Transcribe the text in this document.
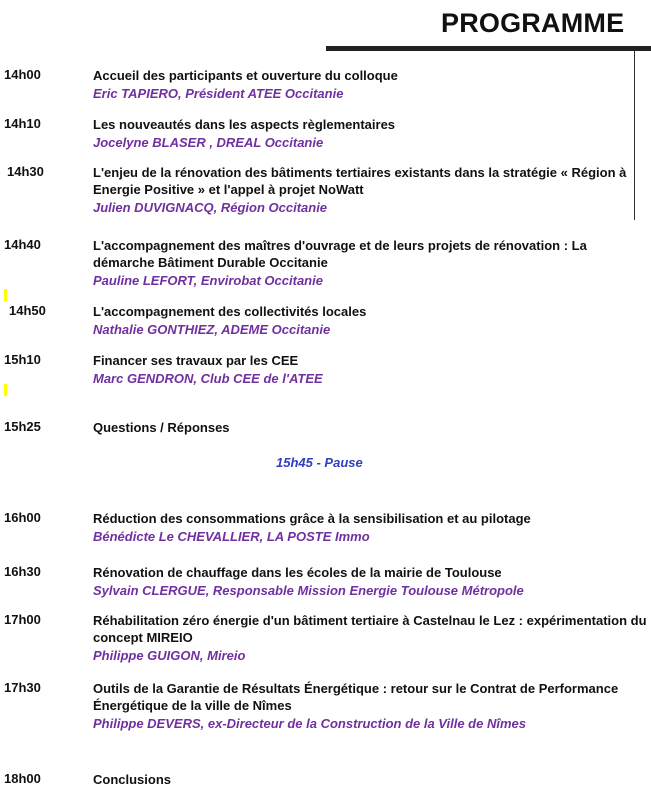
PROGRAMME
14h00	Accueil des participants et ouverture du colloque
Eric TAPIERO, Président ATEE Occitanie
14h10	Les nouveautés dans les aspects règlementaires
Jocelyne BLASER , DREAL Occitanie
14h30	L'enjeu de la rénovation des bâtiments tertiaires existants dans la stratégie « Région à Energie Positive » et l'appel à projet NoWatt
Julien DUVIGNACQ, Région Occitanie
14h40	L'accompagnement des maîtres d'ouvrage et de leurs projets de rénovation : La démarche Bâtiment Durable Occitanie
Pauline LEFORT, Envirobat Occitanie
14h50	L'accompagnement des collectivités locales
Nathalie GONTHIEZ, ADEME Occitanie
15h10	Financer ses travaux par les CEE
Marc GENDRON, Club CEE de l'ATEE
15h25	Questions / Réponses
15h45 - Pause
16h00	Réduction des consommations grâce à la sensibilisation et au pilotage
Bénédicte Le CHEVALLIER, LA POSTE Immo
16h30	Rénovation de chauffage dans les écoles de la mairie de Toulouse
Sylvain CLERGUE, Responsable Mission Energie Toulouse Métropole
17h00	Réhabilitation zéro énergie d'un bâtiment tertiaire à Castelnau le Lez : expérimentation du concept MIREIO
Philippe GUIGON, Mireio
17h30	Outils de la Garantie de Résultats Énergétique : retour sur le Contrat de Performance Énergétique de la ville de Nîmes
Philippe DEVERS, ex-Directeur de la Construction de la Ville de Nîmes
18h00	Conclusions
